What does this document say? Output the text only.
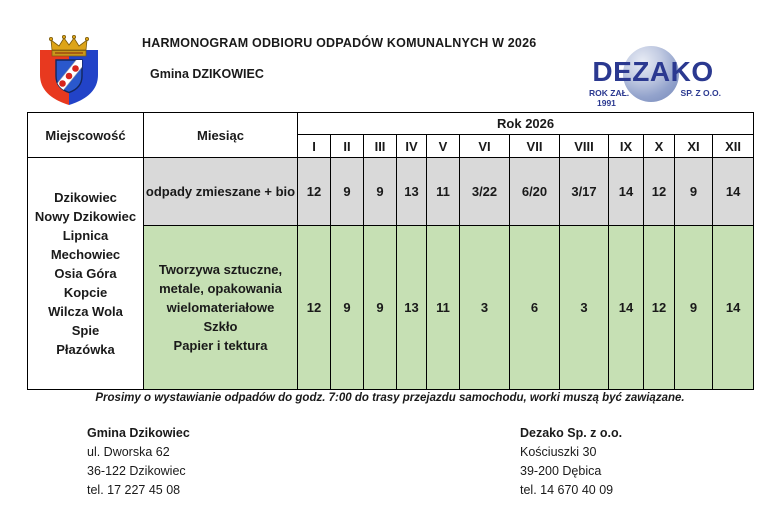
HARMONOGRAM ODBIORU ODPADÓW KOMUNALNYCH W 2026
Gmina DZIKOWIEC	DEZAKO
ROK ZAŁ.
1991
SP. Z O.O.
Miejscowość	Miesiąc	Rok 2026											
		I	II	III	IV	V	VI	VII	VIII	IX	X	XI	XII

Dzikowiec
Nowy Dzikowiec
Lipnica
Mechowiec
Osia Góra
Kopcie
Wilcza Wola
Spie
Płazówka

odpady zmieszane + bio	12	9	9	13	11	3/22	6/20	3/17	14	12	9	14

	Tworzywa sztuczne, metale, opakowania wielomateriałowe
Szkło
Papier i tektura	12	9	9	13	11	3	6	3	14	12	9	14
Prosimy o wystawianie odpadów do godz. 7:00 do trasy przejazdu samochodu, worki muszą być zawiązane.
Gmina Dzikowiec
ul. Dworska 62
36-122 Dzikowiec
tel. 17 227 45 08
Dezako Sp. z o.o.
Kościuszki 30
39-200 Dębica
tel. 14 670 40 09
